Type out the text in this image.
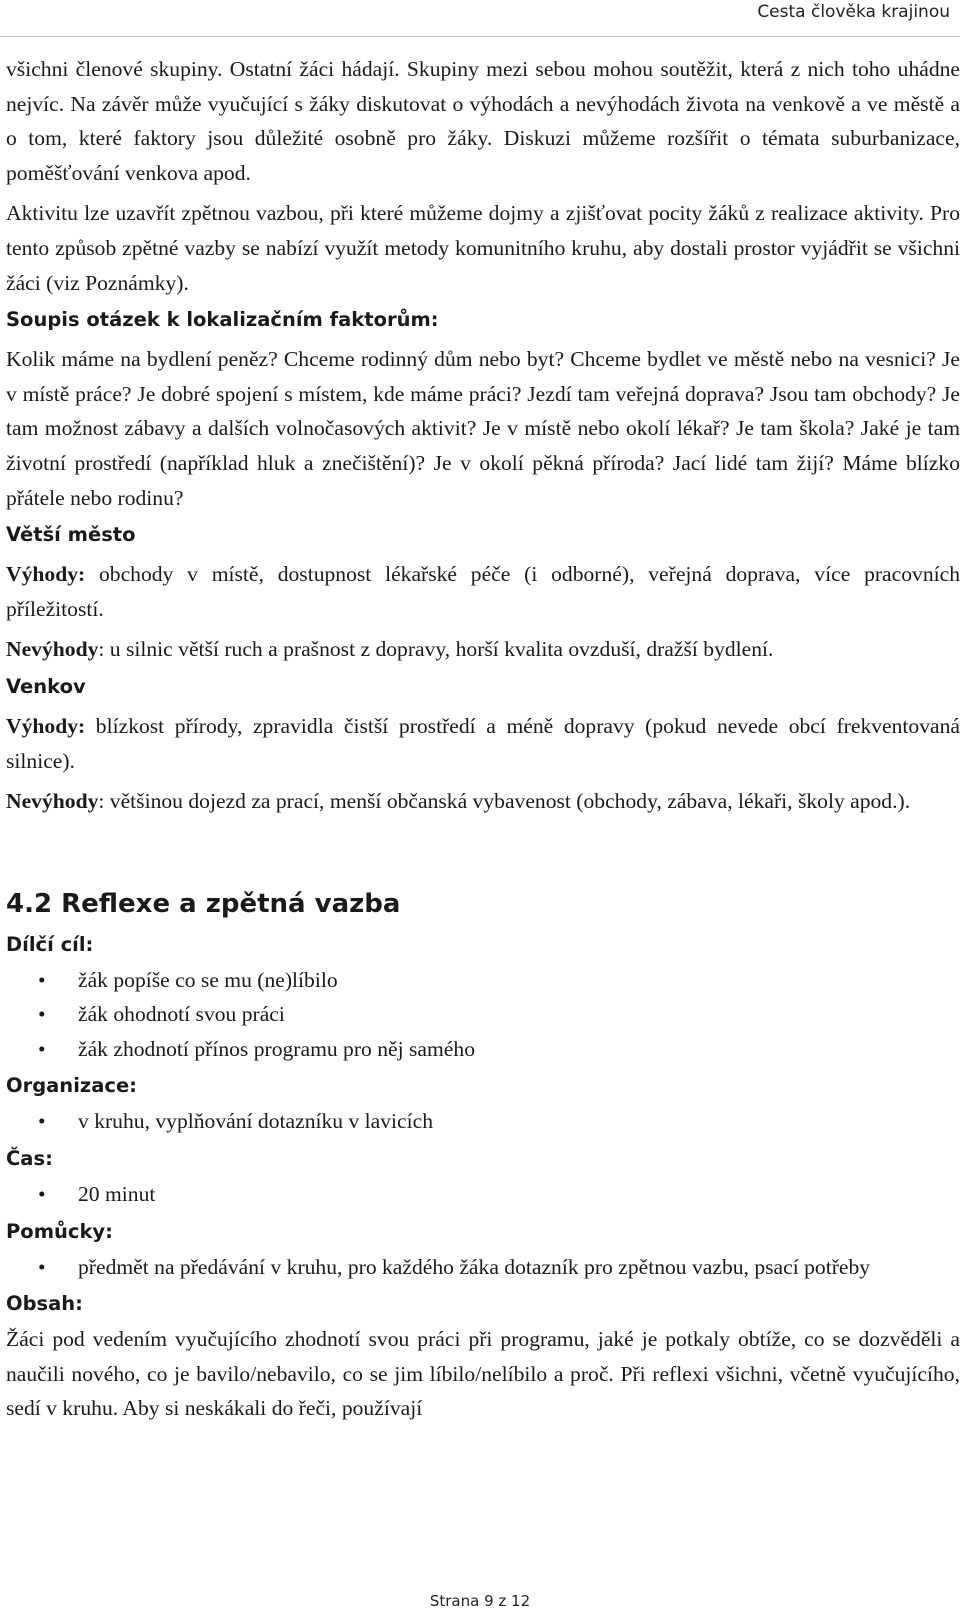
Cesta člověka krajinou

všichni členové skupiny. Ostatní žáci hádají. Skupiny mezi sebou mohou soutěžit, která z nich toho uhádne nejvíc. Na závěr může vyučující s žáky diskutovat o výhodách a nevýhodách života na venkově a ve městě a o tom, které faktory jsou důležité osobně pro žáky. Diskuzi můžeme rozšířit o témata suburbanizace, poměšťování venkova apod.

Aktivitu lze uzavřít zpětnou vazbou, při které můžeme dojmy a zjišťovat pocity žáků z realizace aktivity. Pro tento způsob zpětné vazby se nabízí využít metody komunitního kruhu, aby dostali prostor vyjádřit se všichni žáci (viz Poznámky).

Soupis otázek k lokalizačním faktorům:

Kolik máme na bydlení peněz? Chceme rodinný dům nebo byt? Chceme bydlet ve městě nebo na vesnici? Je v místě práce? Je dobré spojení s místem, kde máme práci? Jezdí tam veřejná doprava? Jsou tam obchody? Je tam možnost zábavy a dalších volnočasových aktivit? Je v místě nebo okolí lékař? Je tam škola? Jaké je tam životní prostředí (například hluk a znečištění)? Je v okolí pěkná příroda? Jací lidé tam žijí? Máme blízko přátele nebo rodinu?

Větší město

Výhody: obchody v místě, dostupnost lékařské péče (i odborné), veřejná doprava, více pracovních příležitostí.

Nevýhody: u silnic větší ruch a prašnost z dopravy, horší kvalita ovzduší, dražší bydlení.

Venkov

Výhody: blízkost přírody, zpravidla čistší prostředí a méně dopravy (pokud nevede obcí frekventovaná silnice).

Nevýhody: většinou dojezd za prací, menší občanská vybavenost (obchody, zábava, lékaři, školy apod.).

4.2 Reflexe a zpětná vazba
Dílčí cíl:
• žák popíše co se mu (ne)líbilo
• žák ohodnotí svou práci
• žák zhodnotí přínos programu pro něj samého
Organizace:
• v kruhu, vyplňování dotazníku v lavicích
Čas:
• 20 minut
Pomůcky:
• předmět na předávání v kruhu, pro každého žáka dotazník pro zpětnou vazbu, psací potřeby
Obsah:

Žáci pod vedením vyučujícího zhodnotí svou práci při programu, jaké je potkaly obtíže, co se dozvěděli a naučili nového, co je bavilo/nebavilo, co se jim líbilo/nelíbilo a proč. Při reflexi všichni, včetně vyučujícího, sedí v kruhu. Aby si neskákali do řeči, používají

Strana 9 z 12
